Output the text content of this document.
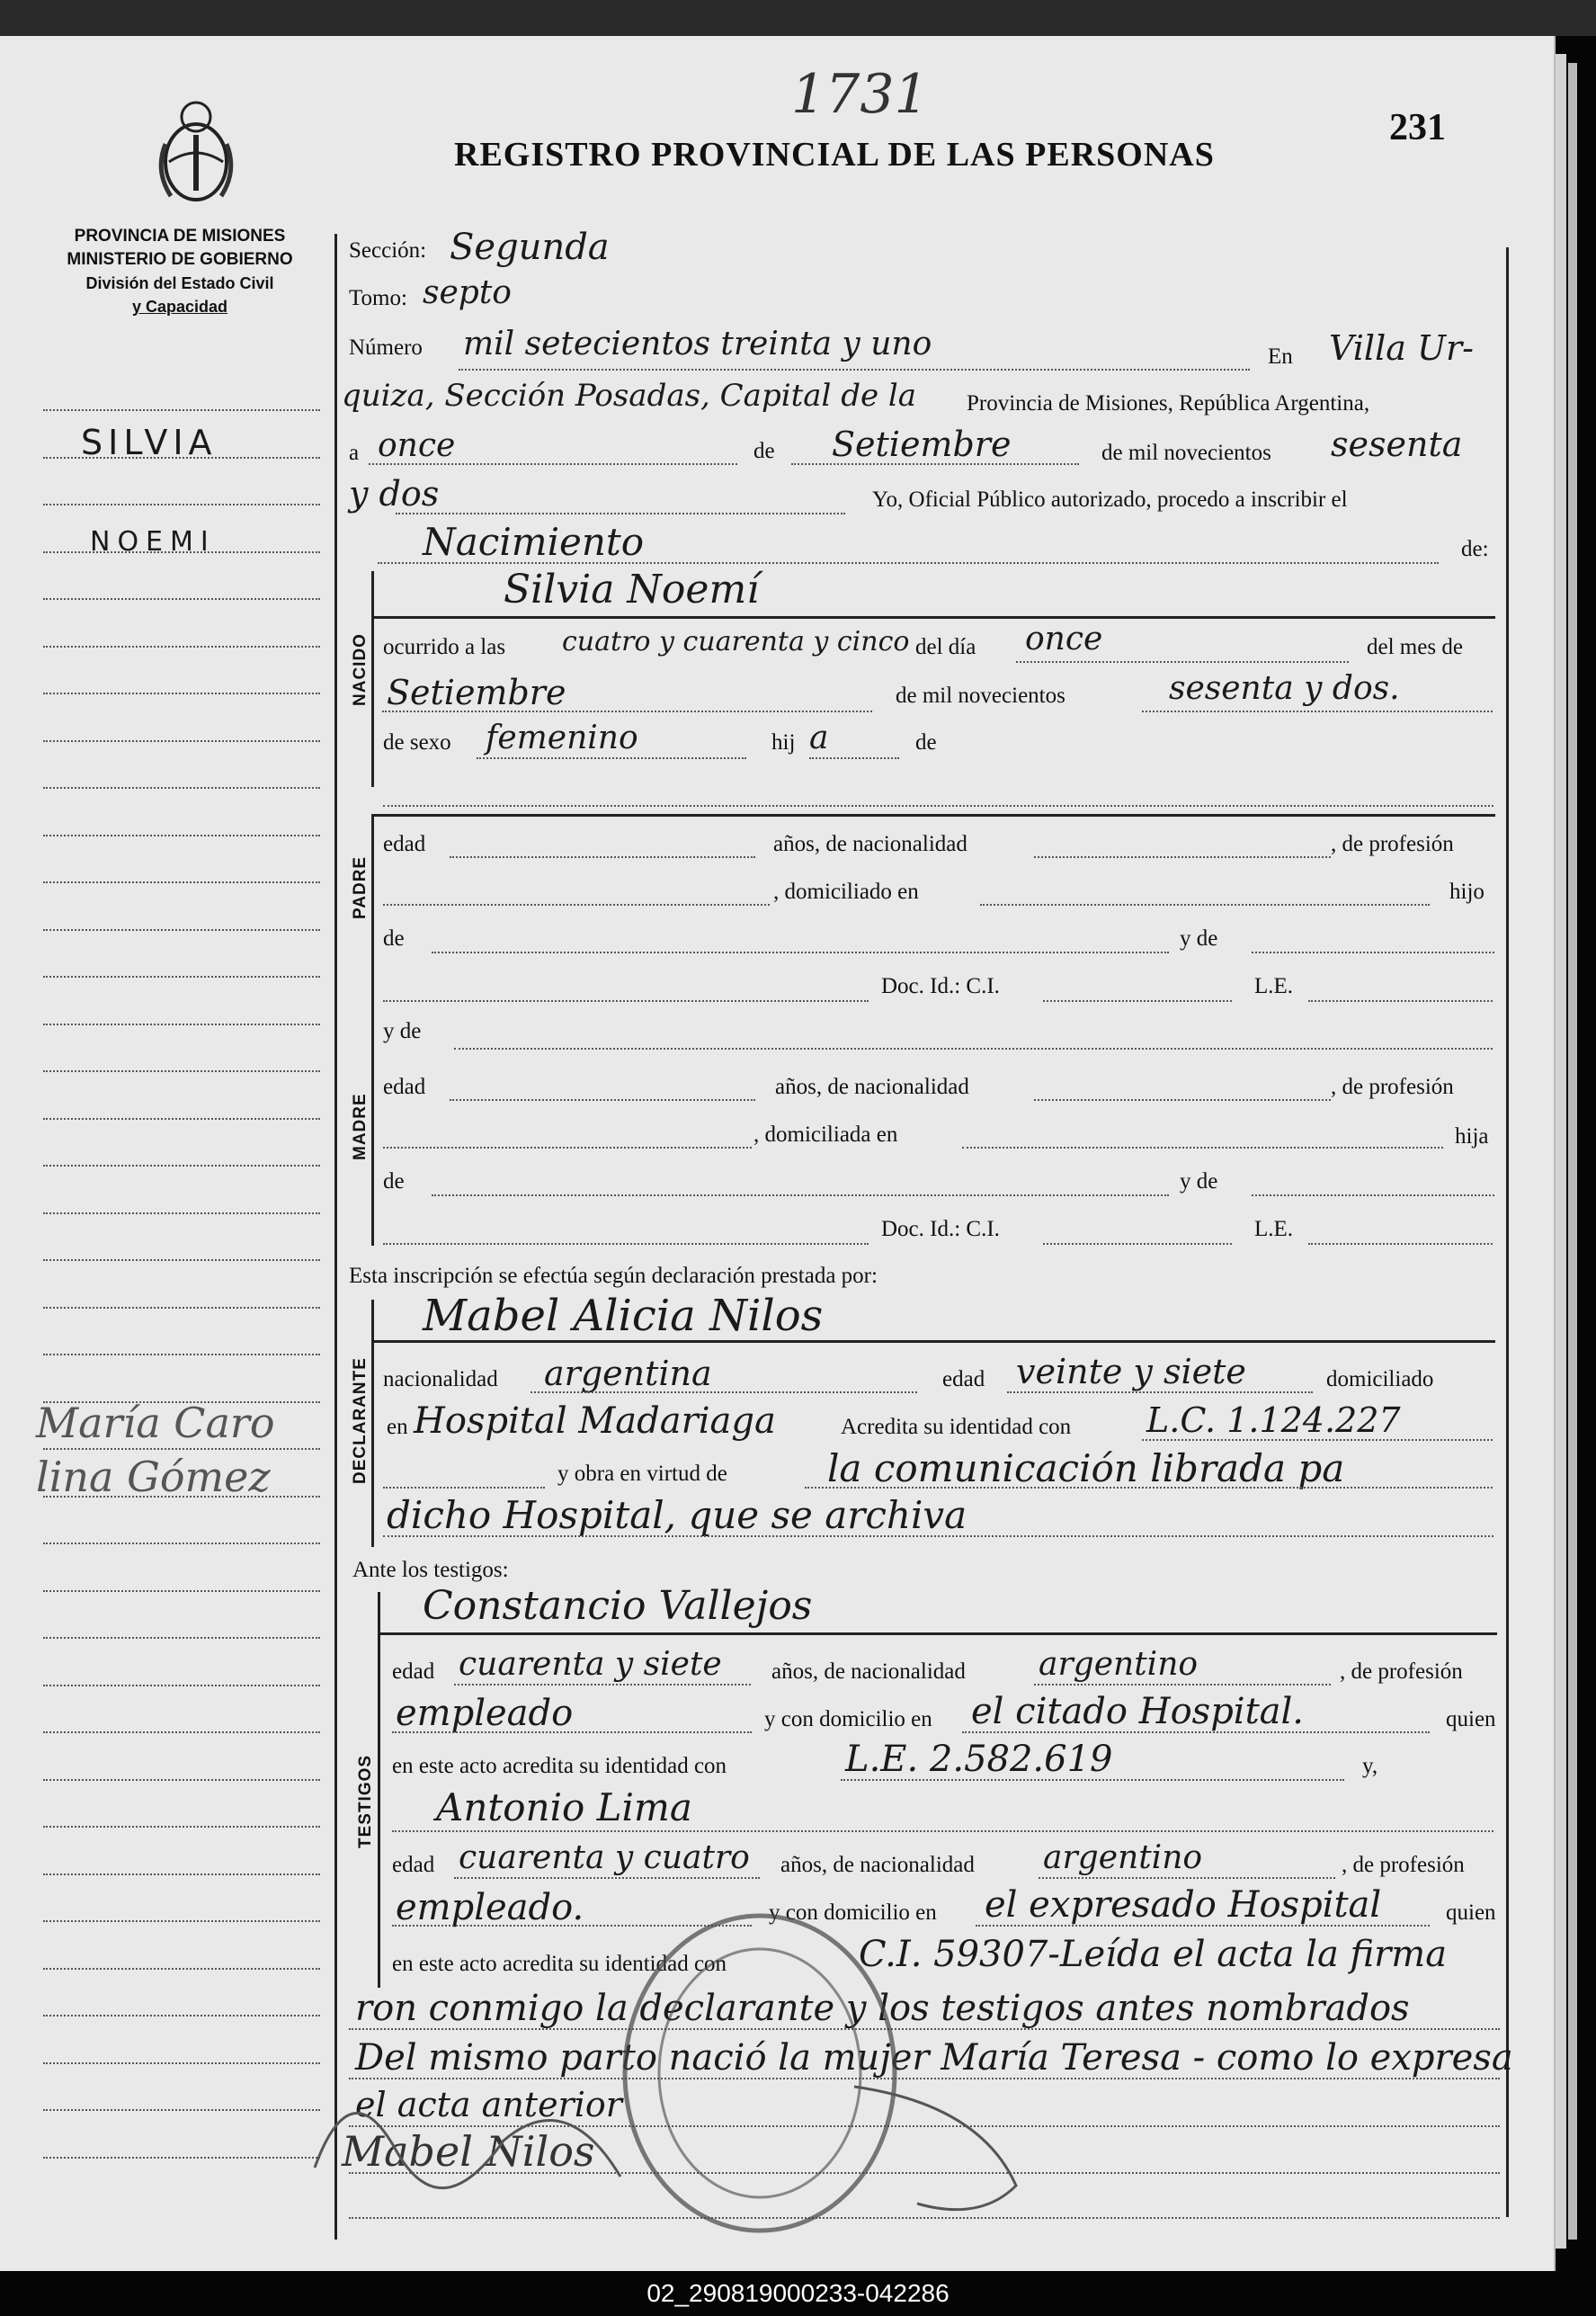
PROVINCIA DE MISIONES
MINISTERIO DE GOBIERNO
División del Estado Civil
y Capacidad
REGISTRO PROVINCIAL DE LAS PERSONAS
1731
231
SILVIA
NOEMI
María Caro
lina Gómez
Sección: Segunda
Tomo: septo
Número mil setecientos treinta y uno	En Villa Ur-
quiza, Sección Posadas, Capital de la Provincia de Misiones, República Argentina,
a once	de Setiembre	de mil novecientos sesenta
y dos	Yo, Oficial Público autorizado, procedo a inscribir el
Nacimiento	de:
NACIDO
Silvia Noemí
ocurrido a las cuatro y cuarenta y cinco del día once	del mes de
Setiembre	de mil novecientos	sesenta y dos.
de sexo femenino	hij a	de
PADRE
edad	años, de nacionalidad	, de profesión
, domiciliado en	hijo
de	y de
Doc. Id.: C.I.	L.E.
y de
MADRE
edad	años, de nacionalidad	, de profesión
, domiciliada en	hija
de	y de
Doc. Id.: C.I.	L.E.
Esta inscripción se efectúa según declaración prestada por:
DECLARANTE
Mabel Alicia Nilos
nacionalidad argentina	edad veinte y siete	domiciliado
en Hospital Madariaga	Acredita su identidad con L.C. 1.124.227
y obra en virtud de	la comunicación librada pa
dicho Hospital, que se archiva
Ante los testigos:
TESTIGOS
Constancio Vallejos
edad cuarenta y siete años, de nacionalidad argentino	, de profesión
empleado	y con domicilio en el citado Hospital.	quien
en este acto acredita su identidad con	L.E. 2.582.619	y,
Antonio Lima
edad cuarenta y cuatro años, de nacionalidad argentino	, de profesión
empleado.	y con domicilio en el expresado Hospital	quien
en este acto acredita su identidad con	C.I. 59307-Leída el acta la firma
ron conmigo la declarante y los testigos antes nombrados
Del mismo parto nació la mujer María Teresa - como lo expresa
el acta anterior
Mabel Nilos
02_290819000233-042286
